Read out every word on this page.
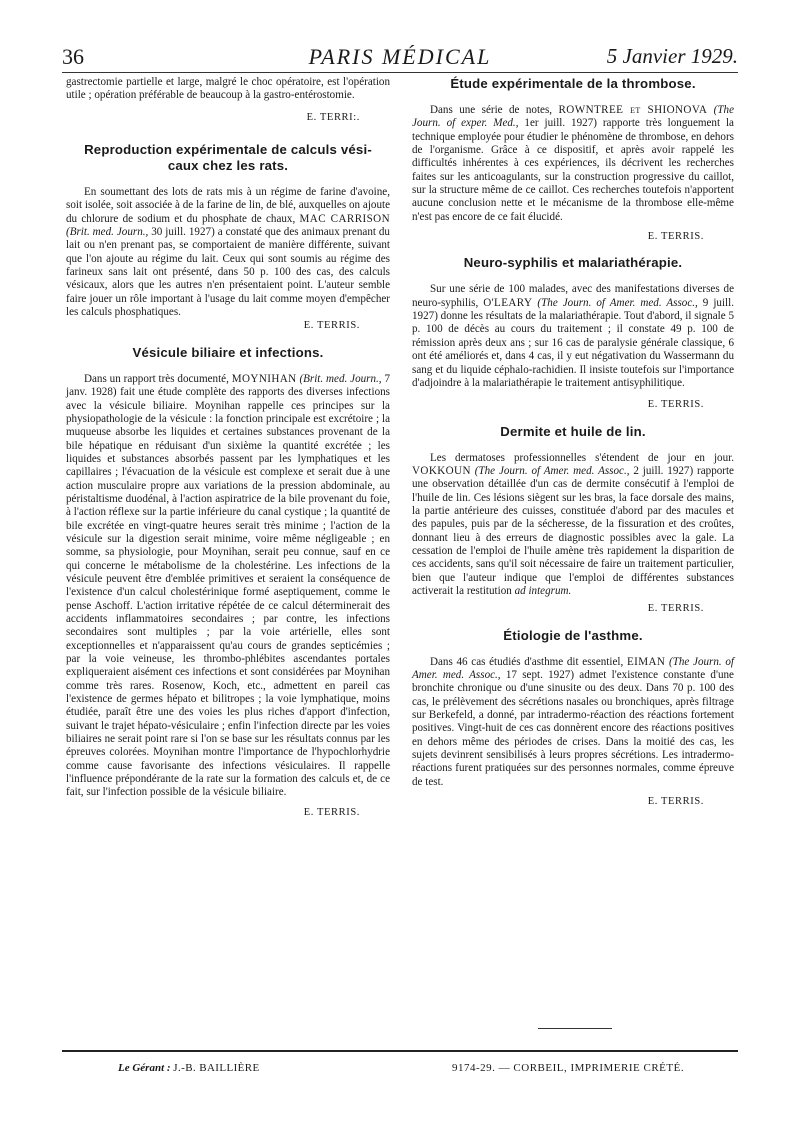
36	PARIS MÉDICAL	5 Janvier 1929.

gastrectomie partielle et large, malgré le choc opératoire, est l'opération utile ; opération préférable de beaucoup à la gastro-entérostomie.

E. TERRI:.

Reproduction expérimentale de calculs vési-
caux chez les rats.

En soumettant des lots de rats mis à un régime de farine d'avoine, soit isolée, soit associée à de la farine de lin, de blé, auxquelles on ajoute du chlorure de sodium et du phosphate de chaux, MAC CARRISON (Brit. med. Journ., 30 juill. 1927) a constaté que des animaux prenant du lait ou n'en prenant pas, se comportaient de manière différente, suivant que l'on ajoute au régime du lait. Ceux qui sont soumis au régime des farineux sans lait ont présenté, dans 50 p. 100 des cas, des calculs vésicaux, alors que les autres n'en présentaient point. L'auteur semble faire jouer un rôle important à l'usage du lait comme moyen d'empêcher les calculs phosphatiques.

E. TERRIS.

Vésicule biliaire et infections.

Dans un rapport très documenté, MOYNIHAN (Brit. med. Journ., 7 janv. 1928) fait une étude complète des rapports des diverses infections avec la vésicule biliaire. Moynihan rappelle ces principes sur la physiopathologie de la vésicule : la fonction principale est excrétoire ; la muqueuse absorbe les liquides et certaines substances provenant de la bile hépatique en réduisant d'un sixième la quantité excrétée ; les liquides et substances absorbés passent par les lymphatiques et les capillaires ; l'évacuation de la vésicule est complexe et serait due à une action musculaire propre aux variations de la pression abdominale, au péristaltisme duodénal, à l'action aspiratrice de la bile provenant du foie, à l'action réflexe sur la partie inférieure du canal cystique ; la quantité de bile excrétée en vingt-quatre heures serait très minime ; l'action de la vésicule sur la digestion serait minime, voire même négligeable ; en somme, sa physiologie, pour Moynihan, serait peu connue, sauf en ce qui concerne le métabolisme de la cholestérine. Les infections de la vésicule peuvent être d'emblée primitives et seraient la conséquence de l'existence d'un calcul cholestérinique formé aseptiquement, comme le pense Aschoff. L'action irritative répétée de ce calcul déterminerait des accidents inflammatoires secondaires ; par contre, les infections secondaires sont multiples ; par la voie artérielle, elles sont exceptionnelles et n'apparaissent qu'au cours de grandes septicémies ; par la voie veineuse, les thrombo-phlébites ascendantes portales expliqueraient aisément ces infections et sont considérées par Moynihan comme très rares. Rosenow, Koch, etc., admettent en pareil cas l'existence de germes hépato et bilitropes ; la voie lymphatique, moins étudiée, paraît être une des voies les plus riches d'apport d'infection, suivant le trajet hépato-vésiculaire ; enfin l'infection directe par les voies biliaires ne serait point rare si l'on se base sur les résultats connus par les épreuves colorées. Moynihan montre l'importance de l'hypochlorhydrie comme cause favorisante des infections vésiculaires. Il rappelle l'influence prépondérante de la rate sur la formation des calculs et, de ce fait, sur l'infection possible de la vésicule biliaire.

E. TERRIS.

Étude expérimentale de la thrombose.

Dans une série de notes, ROWNTREE et SHIONOVA (The Journ. of exper. Med., 1er juill. 1927) rapporte très longuement la technique employée pour étudier le phénomène de thrombose, en dehors de l'organisme. Grâce à ce dispositif, et après avoir rappelé les difficultés inhérentes à ces expériences, ils décrivent les recherches faites sur les anticoagulants, sur la construction progressive du caillot, sur la structure même de ce caillot. Ces recherches toutefois n'apportent aucune conclusion nette et le mécanisme de la thrombose elle-même n'est pas encore de ce fait élucidé.

E. TERRIS.

Neuro-syphilis et malariathérapie.

Sur une série de 100 malades, avec des manifestations diverses de neuro-syphilis, O'LEARY (The Journ. of Amer. med. Assoc., 9 juill. 1927) donne les résultats de la malariathérapie. Tout d'abord, il signale 5 p. 100 de décès au cours du traitement ; il constate 49 p. 100 de rémission après deux ans ; sur 16 cas de paralysie générale classique, 6 ont été améliorés et, dans 4 cas, il y eut négativation du Wassermann du sang et du liquide céphalo-rachidien. Il insiste toutefois sur l'importance d'adjoindre à la malariathérapie le traitement antisyphilitique.

E. TERRIS.

Dermite et huile de lin.

Les dermatoses professionnelles s'étendent de jour en jour. VOKKOUN (The Journ. of Amer. med. Assoc., 2 juill. 1927) rapporte une observation détaillée d'un cas de dermite consécutif à l'emploi de l'huile de lin. Ces lésions siègent sur les bras, la face dorsale des mains, la partie antérieure des cuisses, constituée d'abord par des macules et des papules, puis par de la sécheresse, de la fissuration et des croûtes, donnant lieu à des erreurs de diagnostic possibles avec la gale. La cessation de l'emploi de l'huile amène très rapidement la disparition de ces accidents, sans qu'il soit nécessaire de faire un traitement particulier, bien que l'auteur indique que l'emploi de différentes substances activerait la restitution ad integrum.

E. TERRIS.

Étiologie de l'asthme.

Dans 46 cas étudiés d'asthme dit essentiel, EIMAN (The Journ. of Amer. med. Assoc., 17 sept. 1927) admet l'existence constante d'une bronchite chronique ou d'une sinusite ou des deux. Dans 70 p. 100 des cas, le prélèvement des sécrétions nasales ou bronchiques, après filtrage sur Berkefeld, a donné, par intradermo-réaction des réactions fortement positives. Vingt-huit de ces cas donnèrent encore des réactions positives en dehors même des périodes de crises. Dans la moitié des cas, les sujets devinrent sensibilisés à leurs propres sécrétions. Les intradermo-réactions furent pratiquées sur des personnes normales, comme épreuve de test.

E. TERRIS.

Le Gérant : J.-B. BAILLIÈRE	9174-29. — CORBEIL, IMPRIMERIE CRÉTÉ.
